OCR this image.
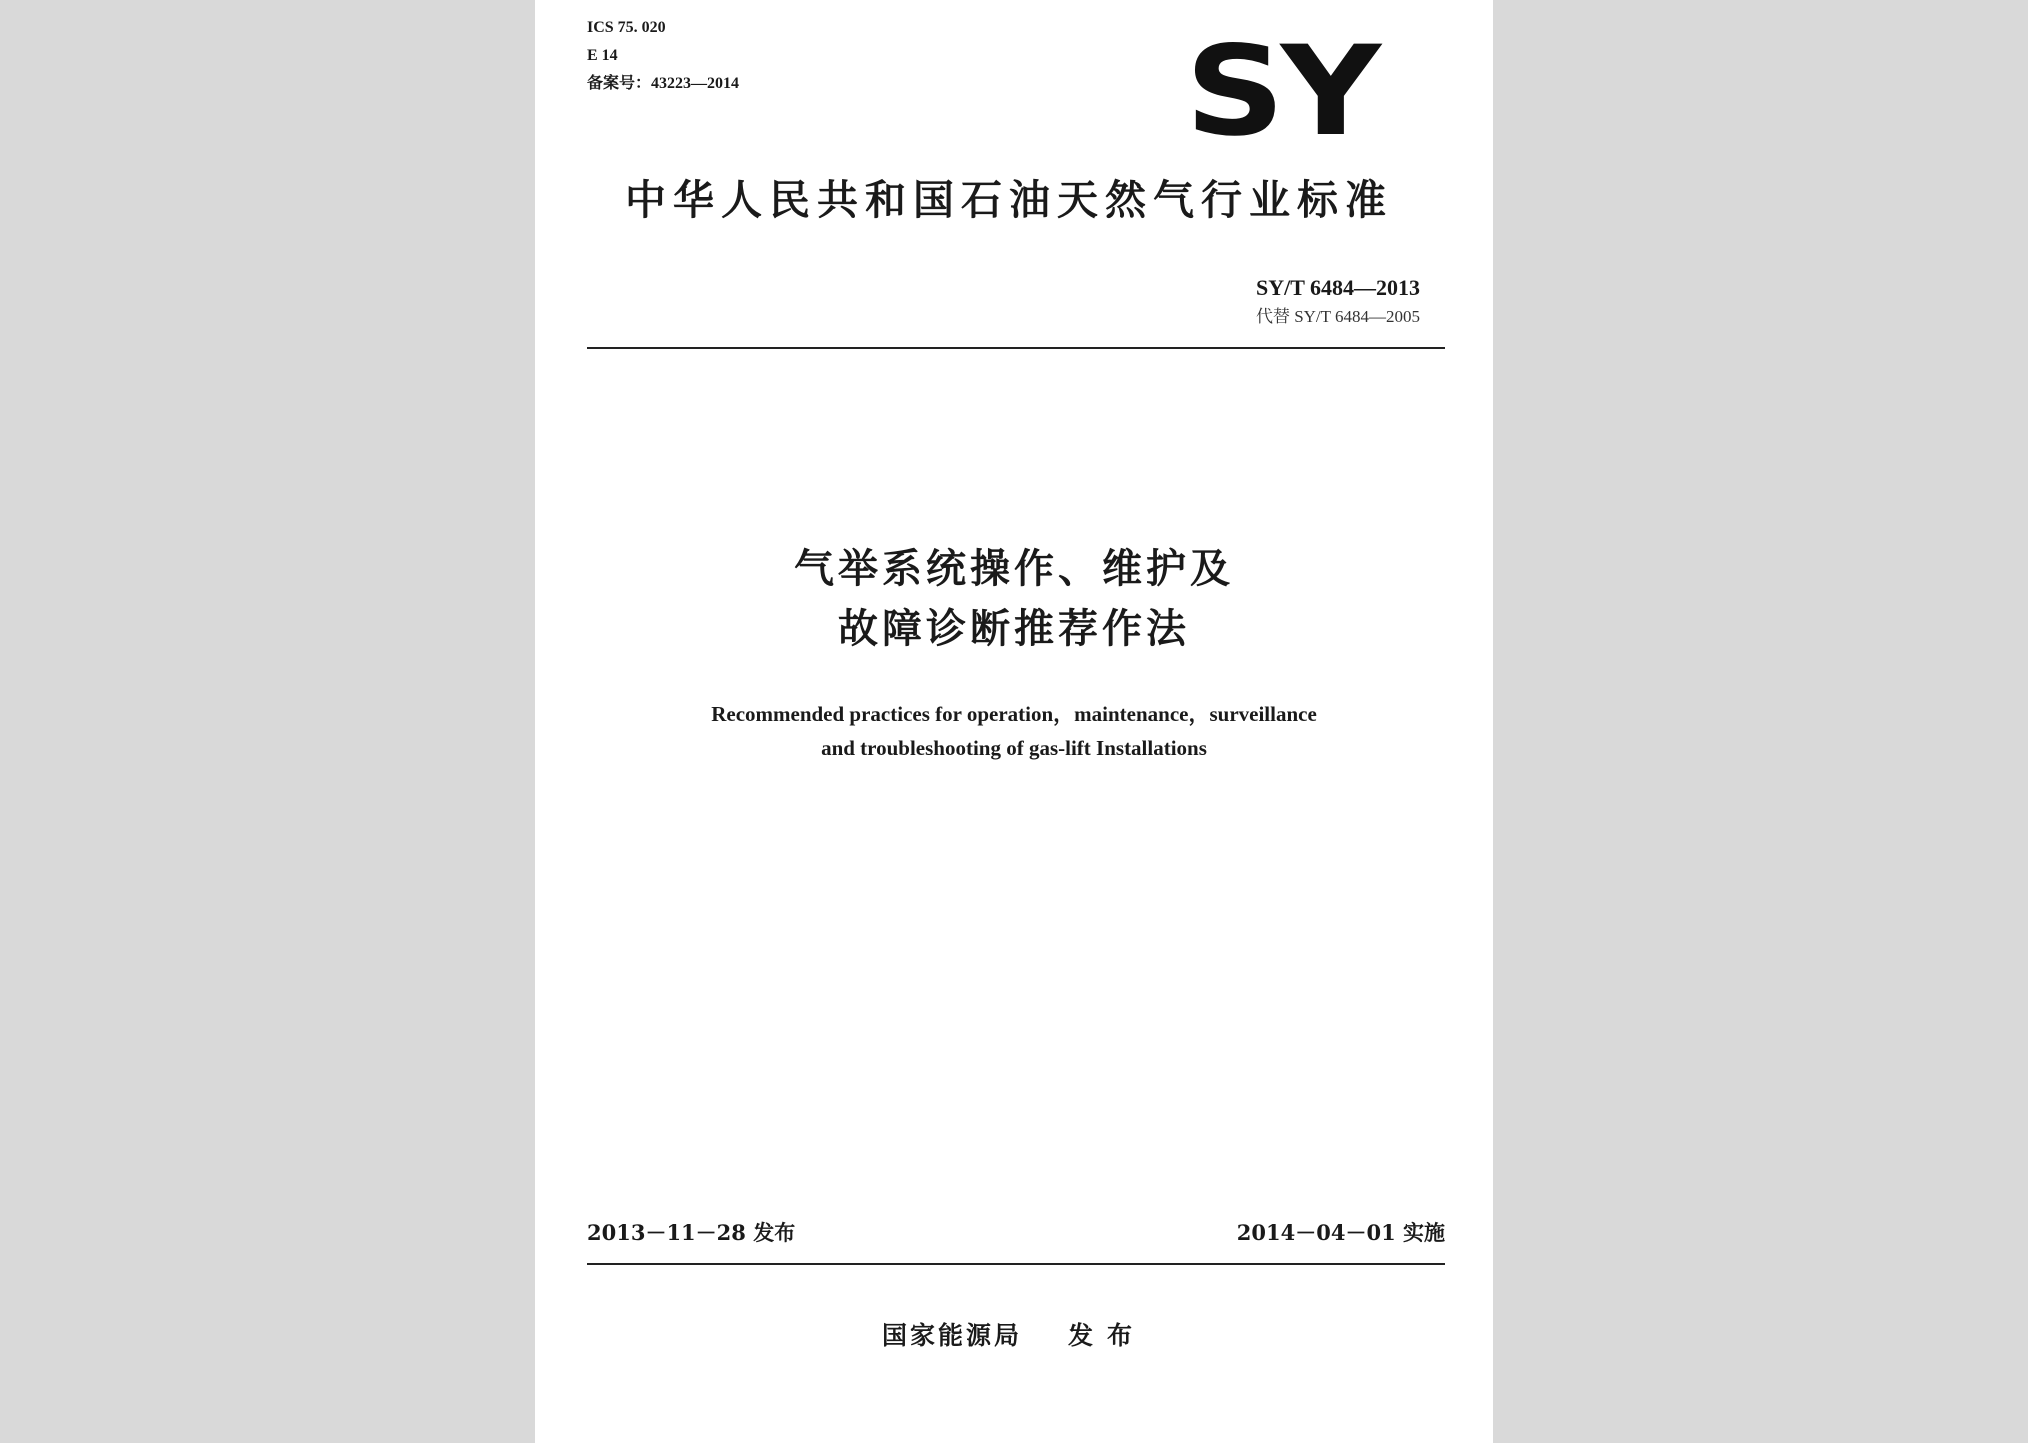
ICS 75. 020
E 14
备案号：43223—2014	SY
中华人民共和国石油天然气行业标准
SY/T 6484—2013
代替 SY/T 6484—2005
气举系统操作、维护及
故障诊断推荐作法
Recommended practices for operation，maintenance，surveillance
and troubleshooting of gas-lift Installations
2013－11－28 发布	2014－04－01 实施
国家能源局 发布
